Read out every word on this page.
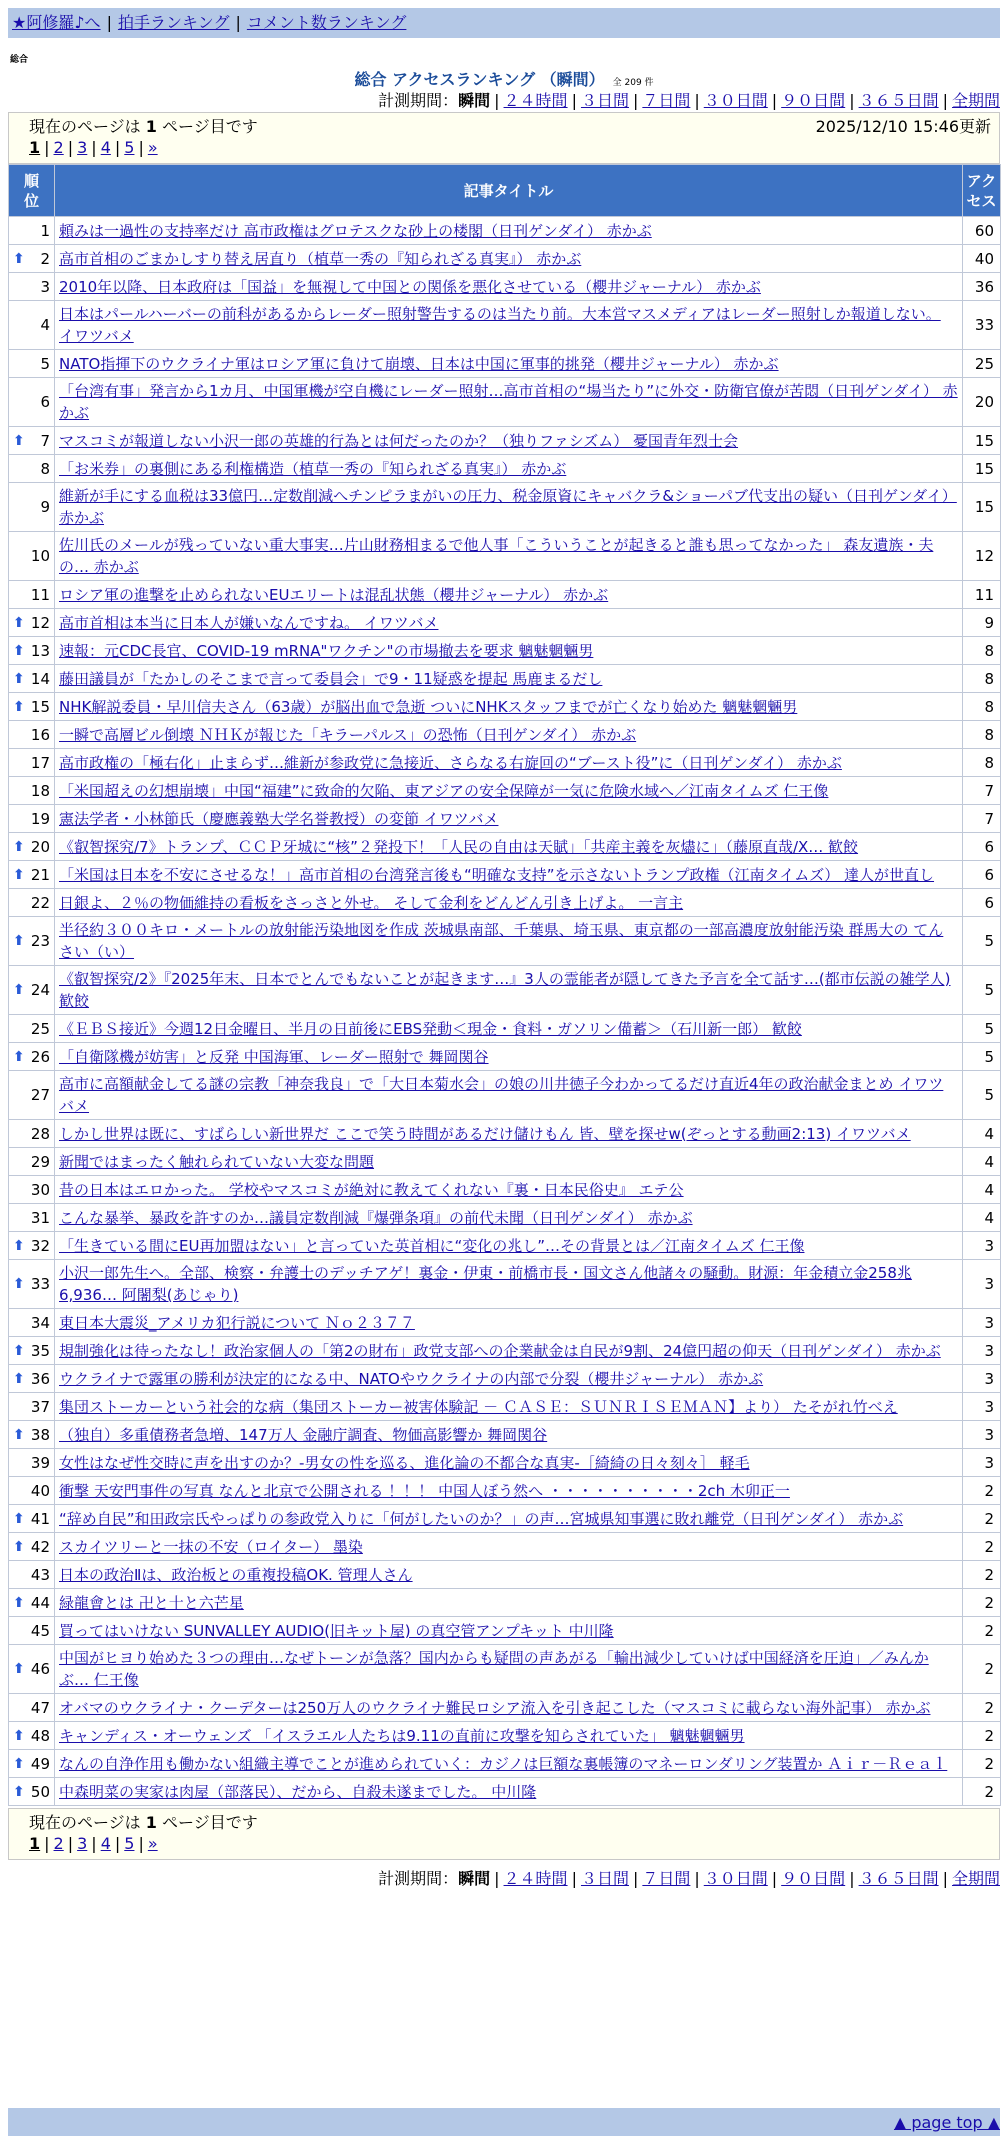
★阿修羅♪へ | 拍手ランキング | コメント数ランキング
総合
総合 アクセスランキング （瞬間） 全 209 件
計測期間：瞬間 | ２４時間 | ３日間 | ７日間 | ３０日間 | ９０日間 | ３６５日間 | 全期間
現在のページは 1 ページ目です
1 | 2 | 3 | 4 | 5 | »
2025/12/10 15:46更新
順位	記事タイトル	アクセス
1	頼みは一過性の支持率だけ 高市政権はグロテスクな砂上の楼閣（日刊ゲンダイ） 赤かぶ	60

⬆ 2	高市首相のごまかしすり替え居直り（植草一秀の『知られざる真実』） 赤かぶ	40
3	2010年以降、日本政府は「国益」を無視して中国との関係を悪化させている（櫻井ジャーナル） 赤かぶ	36
4	日本はパールハーバーの前科があるからレーダー照射警告するのは当たり前。大本営マスメディアはレーダー照射しか報道しない。 イワツバメ	33
5	NATO指揮下のウクライナ軍はロシア軍に負けて崩壊、日本は中国に軍事的挑発（櫻井ジャーナル） 赤かぶ	25
6	「台湾有事」発言から1カ月、中国軍機が空自機にレーダー照射…高市首相の“場当たり”に外交・防衛官僚が苦悶（日刊ゲンダイ） 赤かぶ	20

⬆ 7	マスコミが報道しない小沢一郎の英雄的行為とは何だったのか？（独りファシズム） 憂国青年烈士会	15
8	「お米券」の裏側にある利権構造（植草一秀の『知られざる真実』） 赤かぶ	15
9	維新が手にする血税は33億円…定数削減へチンピラまがいの圧力、税金原資にキャバクラ&ショーパブ代支出の疑い（日刊ゲンダイ） 赤かぶ	15
10	佐川氏のメールが残っていない重大事実…片山財務相まるで他人事「こういうことが起きると誰も思ってなかった」 森友遺族・夫の… 赤かぶ	12
11	ロシア軍の進撃を止められないEUエリートは混乱状態（櫻井ジャーナル） 赤かぶ	11

⬆ 12	高市首相は本当に日本人が嫌いなんですね。 イワツバメ	9

⬆ 13	速報：元CDC長官、COVID-19 mRNA"ワクチン"の市場撤去を要求 魑魅魍魎男	8

⬆ 14	藤田議員が「たかしのそこまで言って委員会」で9・11疑惑を提起 馬鹿まるだし	8

⬆ 15	NHK解説委員・早川信夫さん（63歳）が脳出血で急逝 ついにNHKスタッフまでが亡くなり始めた 魑魅魍魎男	8
16	一瞬で高層ビル倒壊 ＮＨＫが報じた「キラーパルス」の恐怖（日刊ゲンダイ） 赤かぶ	8
17	高市政権の「極右化」止まらず…維新が参政党に急接近、さらなる右旋回の“ブースト役”に（日刊ゲンダイ） 赤かぶ	8
18	「米国超えの幻想崩壊」中国“福建”に致命的欠陥、東アジアの安全保障が一気に危険水域へ／江南タイムズ 仁王像	7
19	憲法学者・小林節氏（慶應義塾大学名誉教授）の変節 イワツバメ	7

⬆ 20	《叡智探究/7》トランプ、ＣＣＰ牙城に“核”２発投下！「人民の自由は天賦」「共産主義を灰燼に」（藤原直哉/X… 歓餃	6

⬆ 21	「米国は日本を不安にさせるな！」高市首相の台湾発言後も“明確な支持”を示さないトランプ政権（江南タイムズ） 達人が世直し	6
22	日銀よ、２％の物価維持の看板をさっさと外せ。 そして金利をどんどん引き上げよ。 一言主	6

⬆ 23	半径約３００キロ・メートルの放射能汚染地図を作成 茨城県南部、千葉県、埼玉県、東京都の一部高濃度放射能汚染 群馬大の てんさい（い）	5

⬆ 24	《叡智探究/2》『2025年末、日本でとんでもないことが起きます…』3人の霊能者が隠してきた予言を全て話す…(都市伝説の雑学人) 歓餃	5
25	《ＥＢＳ接近》今週12日金曜日、半月の日前後にEBS発動＜現金・食料・ガソリン備蓄＞（石川新一郎） 歓餃	5

⬆ 26	「自衛隊機が妨害」と反発 中国海軍、レーダー照射で 舞岡関谷	5
27	高市に高額献金してる謎の宗教「神奈我良」で「大日本菊水会」の娘の川井徳子今わかってるだけ直近4年の政治献金まとめ イワツバメ	5
28	しかし世界は既に、すばらしい新世界だ ここで笑う時間があるだけ儲けもん 皆、壁を探せw(ぞっとする動画2:13) イワツバメ	4
29	新聞ではまったく触れられていない大変な問題	4
30	昔の日本はエロかった。 学校やマスコミが絶対に教えてくれない『裏・日本民俗史』 エテ公	4
31	こんな暴挙、暴政を許すのか…議員定数削減『爆弾条項』の前代未聞（日刊ゲンダイ） 赤かぶ	4

⬆ 32	「生きている間にEU再加盟はない」と言っていた英首相に“変化の兆し”…その背景とは／江南タイムズ 仁王像	3

⬆ 33	小沢一郎先生へ。全部、検察・弁護士のデッチアゲ！裏金・伊東・前橋市長・国文さん他諸々の騒動。財源：年金積立金258兆6,936… 阿闍梨(あじゃり)	3
34	東日本大震災_アメリカ犯行説について Ｎｏ２３７７	3

⬆ 35	規制強化は待ったなし！政治家個人の「第2の財布」政党支部への企業献金は自民が9割、24億円超の仰天（日刊ゲンダイ） 赤かぶ	3

⬆ 36	ウクライナで露軍の勝利が決定的になる中、NATOやウクライナの内部で分裂（櫻井ジャーナル） 赤かぶ	3
37	集団ストーカーという社会的な病（集団ストーカー被害体験記 － ＣＡＳＥ：ＳＵＮＲＩＳＥＭＡＮ】より） たそがれ竹べえ	3

⬆ 38	（独自）多重債務者急増、147万人 金融庁調査、物価高影響か 舞岡関谷	3
39	女性はなぜ性交時に声を出すのか？-男女の性を巡る、進化論の不都合な真実-［綺綺の日々刻々］ 軽毛	3
40	衝撃 天安門事件の写真 なんと北京で公開される ！！！ 中国人ぼう然へ ・・・・・・・・・・2ch 木卯正一	2

⬆ 41	“辞め自民”和田政宗氏やっぱりの参政党入りに「何がしたいのか？」の声…宮城県知事選に敗れ離党（日刊ゲンダイ） 赤かぶ	2

⬆ 42	スカイツリーと一抹の不安（ロイター） 墨染	2
43	日本の政治Ⅱは、政治板との重複投稿OK. 管理人さん	2

⬆ 44	緑龍會とは 卍と十と六芒星	2
45	買ってはいけない SUNVALLEY AUDIO(旧キット屋) の真空管アンプキット 中川隆	2

⬆ 46	中国がヒヨり始めた３つの理由…なぜトーンが急落？国内からも疑問の声あがる「輸出減少していけば中国経済を圧迫」／みんかぶ… 仁王像	2
47	オバマのウクライナ・クーデターは250万人のウクライナ難民ロシア流入を引き起こした（マスコミに載らない海外記事） 赤かぶ	2

⬆ 48	キャンディス・オーウェンズ 「イスラエル人たちは9.11の直前に攻撃を知らされていた」 魑魅魍魎男	2

⬆ 49	なんの自浄作用も働かない組織主導でことが進められていく：カジノは巨額な裏帳簿のマネーロンダリング装置か Ａｉｒ－Ｒｅａｌ	2

⬆ 50	中森明菜の実家は肉屋（部落民）、だから、自殺未遂までした。 中川隆	2
現在のページは 1 ページ目です
1 | 2 | 3 | 4 | 5 | »
計測期間：瞬間 | ２４時間 | ３日間 | ７日間 | ３０日間 | ９０日間 | ３６５日間 | 全期間
▲ page top ▲
